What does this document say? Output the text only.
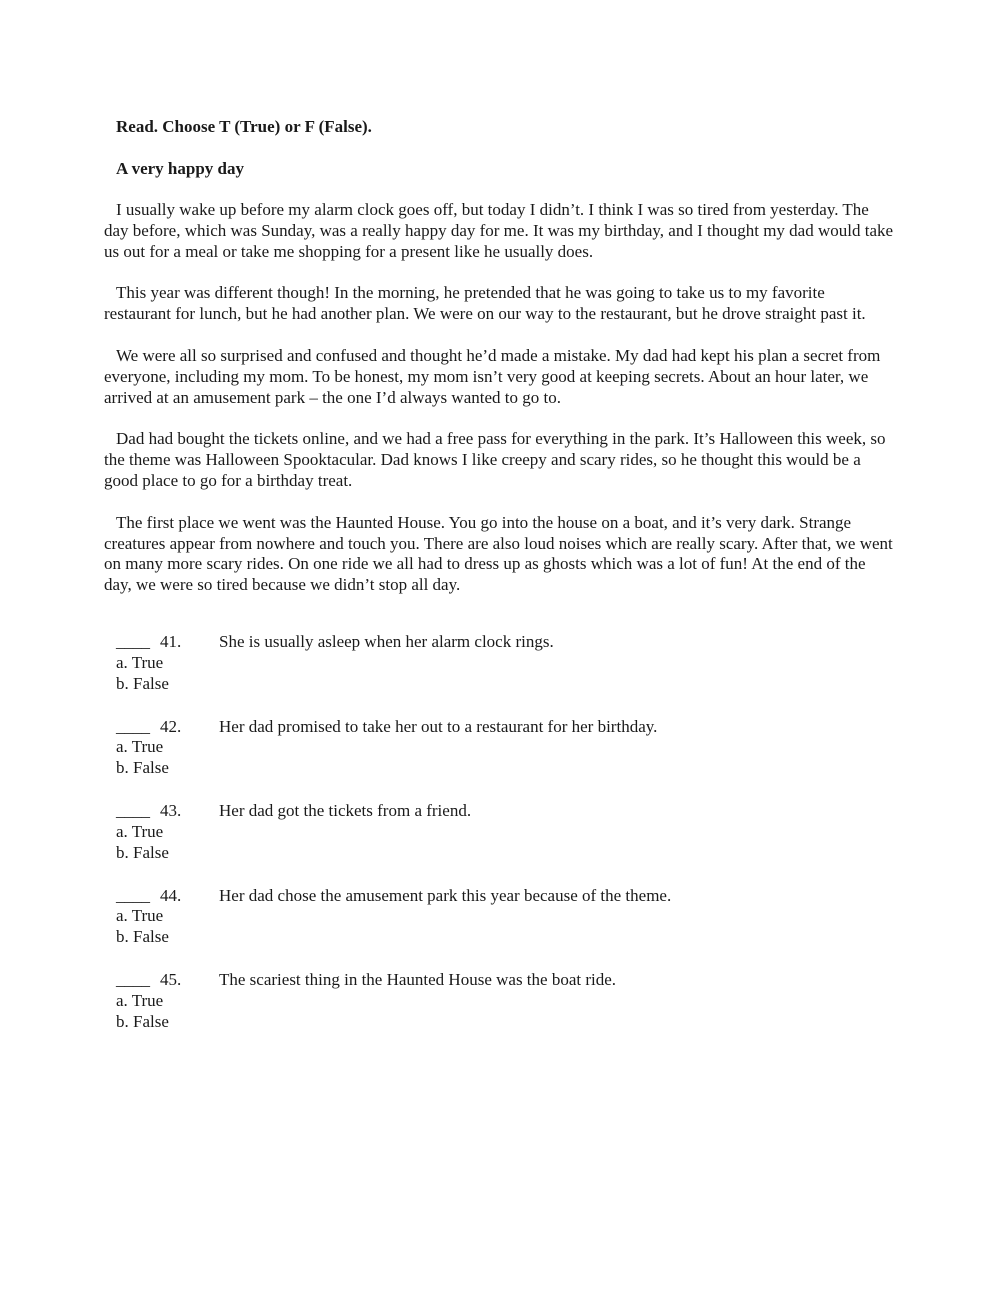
Read. Choose T (True) or F (False).

A very happy day

I usually wake up before my alarm clock goes off, but today I didn’t. I think I was so tired from yesterday. The day before, which was Sunday, was a really happy day for me. It was my birthday, and I thought my dad would take us out for a meal or take me shopping for a present like he usually does.

This year was different though! In the morning, he pretended that he was going to take us to my favorite restaurant for lunch, but he had another plan. We were on our way to the restaurant, but he drove straight past it.

We were all so surprised and confused and thought he’d made a mistake. My dad had kept his plan a secret from everyone, including my mom. To be honest, my mom isn’t very good at keeping secrets. About an hour later, we arrived at an amusement park – the one I’d always wanted to go to.

Dad had bought the tickets online, and we had a free pass for everything in the park. It’s Halloween this week, so the theme was Halloween Spooktacular. Dad knows I like creepy and scary rides, so he thought this would be a good place to go for a birthday treat.

The first place we went was the Haunted House. You go into the house on a boat, and it’s very dark. Strange creatures appear from nowhere and touch you. There are also loud noises which are really scary. After that, we went on many more scary rides. On one ride we all had to dress up as ghosts which was a lot of fun! At the end of the day, we were so tired because we didn’t stop all day.

____ 41.	She is usually asleep when her alarm clock rings.
a. True
b. False
____ 42.	Her dad promised to take her out to a restaurant for her birthday.
a. True
b. False
____ 43.	Her dad got the tickets from a friend.
a. True
b. False
____ 44.	Her dad chose the amusement park this year because of the theme.
a. True
b. False
____ 45.	The scariest thing in the Haunted House was the boat ride.
a. True
b. False
